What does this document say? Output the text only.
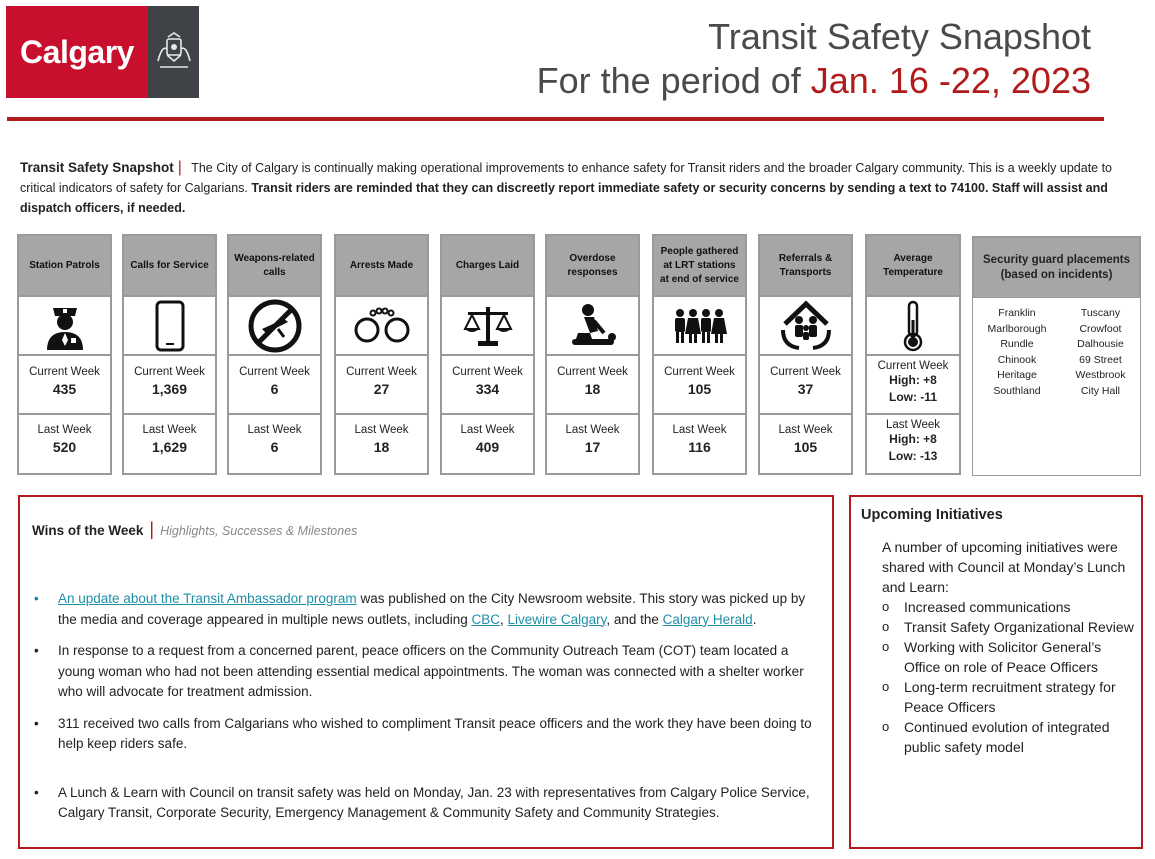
Calgary	Transit Safety Snapshot
For the period of Jan. 16 -22, 2023
Transit Safety Snapshot | The City of Calgary is continually making operational improvements to enhance safety for Transit riders and the broader Calgary community. This is a weekly update to critical indicators of safety for Calgarians. Transit riders are reminded that they can discreetly report immediate safety or security concerns by sending a text to 74100. Staff will assist and dispatch officers, if needed.
Station Patrols
Current Week
435
Last Week
520
Calls for Service
Current Week
1,369
Last Week
1,629
Weapons-related calls
Current Week
6
Last Week
6
Arrests Made
Current Week
27
Last Week
18
Charges Laid
Current Week
334
Last Week
409
Overdose responses
Current Week
18
Last Week
17
People gathered at LRT stations at end of service
Current Week
105
Last Week
116
Referrals & Transports
Current Week
37
Last Week
105
Average Temperature
Current Week
High: +8
Low: -11
Last Week
High: +8
Low: -13
Security guard placements (based on incidents)
Franklin
Marlborough
Rundle
Chinook
Heritage
Southland
Tuscany
Crowfoot
Dalhousie
69 Street
Westbrook
City Hall
Wins of the Week | Highlights, Successes & Milestones
• An update about the Transit Ambassador program was published on the City Newsroom website. This story was picked up by the media and coverage appeared in multiple news outlets, including CBC, Livewire Calgary, and the Calgary Herald.
• In response to a request from a concerned parent, peace officers on the Community Outreach Team (COT) team located a young woman who had not been attending essential medical appointments. The woman was connected with a shelter worker who will advocate for treatment admission.
• 311 received two calls from Calgarians who wished to compliment Transit peace officers and the work they have been doing to help keep riders safe.
• A Lunch & Learn with Council on transit safety was held on Monday, Jan. 23 with representatives from Calgary Police Service, Calgary Transit, Corporate Security, Emergency Management & Community Safety and Community Strategies.
Upcoming Initiatives
A number of upcoming initiatives were shared with Council at Monday’s Lunch and Learn:
o Increased communications
o Transit Safety Organizational Review
o Working with Solicitor General’s Office on role of Peace Officers
o Long-term recruitment strategy for Peace Officers
o Continued evolution of integrated public safety model
